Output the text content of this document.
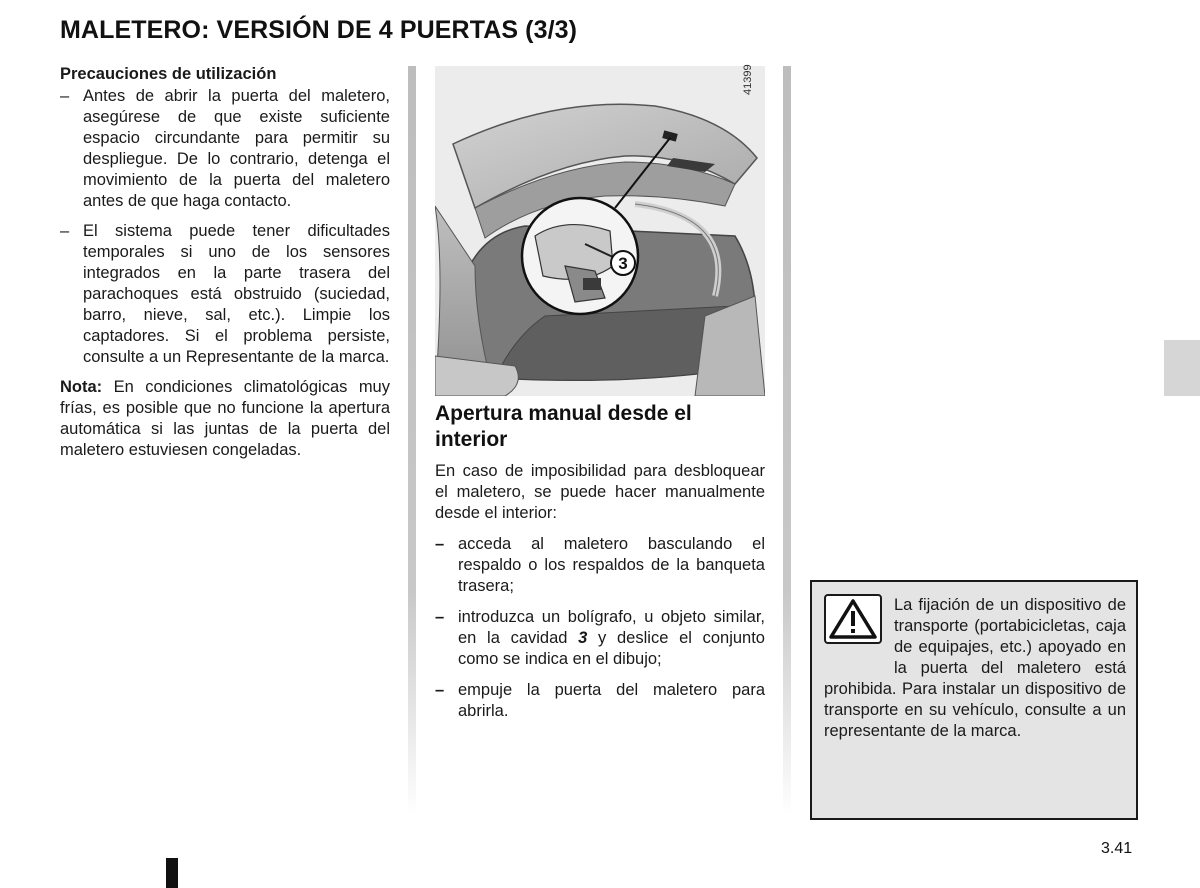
MALETERO: VERSIÓN DE 4 PUERTAS (3/3)
Precauciones de utilización
– Antes de abrir la puerta del maletero, asegúrese de que existe suficiente espacio circundante para permitir su despliegue. De lo contrario, detenga el movimiento de la puerta del maletero antes de que haga contacto.
– El sistema puede tener dificultades temporales si uno de los sensores integrados en la parte trasera del parachoques está obstruido (suciedad, barro, nieve, sal, etc.). Limpie los captadores. Si el problema persiste, consulte a un Representante de la marca.

Nota: En condiciones climatológicas muy frías, es posible que no funcione la apertura automática si las juntas de la puerta del maletero estuviesen congeladas.

3
41399
Apertura manual desde el interior

En caso de imposibilidad para desbloquear el maletero, se puede hacer manualmente desde el interior:

– acceda al maletero basculando el respaldo o los respaldos de la banqueta trasera;
– introduzca un bolígrafo, u objeto similar, en la cavidad 3 y deslice el conjunto como se indica en el dibujo;
– empuje la puerta del maletero para abrirla.
La fijación de un dispositivo de transporte (portabicicletas, caja de equipajes, etc.) apoyado en la puerta del maletero está prohibida. Para instalar un dispositivo de transporte en su vehículo, consulte a un representante de la marca.
3.41
